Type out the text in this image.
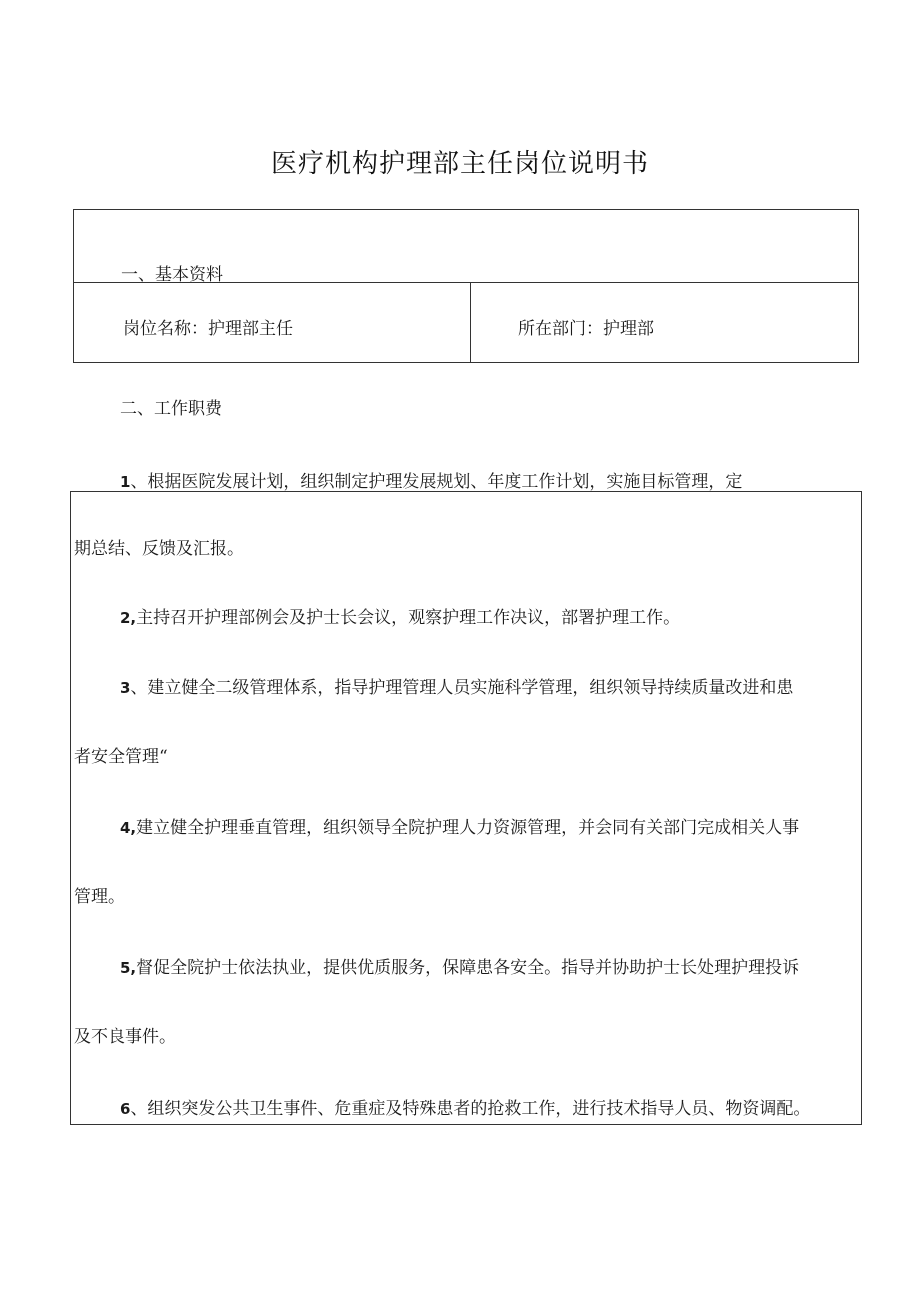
医疗机构护理部主任岗位说明书
一、基本资料
岗位名称：护理部主任	所在部门：护理部
二、工作职费
1、根据医院发展计划，组织制定护理发展规划、年度工作计划，实施目标管理，定
期总结、反馈及汇报。
2,主持召开护理部例会及护士长会议，观察护理工作决议，部署护理工作。
3、建立健全二级管理体系，指导护理管理人员实施科学管理，组织领导持续质量改进和患
者安全管理“
4,建立健全护理垂直管理，组织领导全院护理人力资源管理，并会同有关部门完成相关人事
管理。
5,督促全院护士依法执业，提供优质服务，保障患各安全。指导并协助护士长处理护理投诉
及不良事件。
6、组织突发公共卫生事件、危重症及特殊患者的抢救工作，进行技术指导人员、物资调配。
